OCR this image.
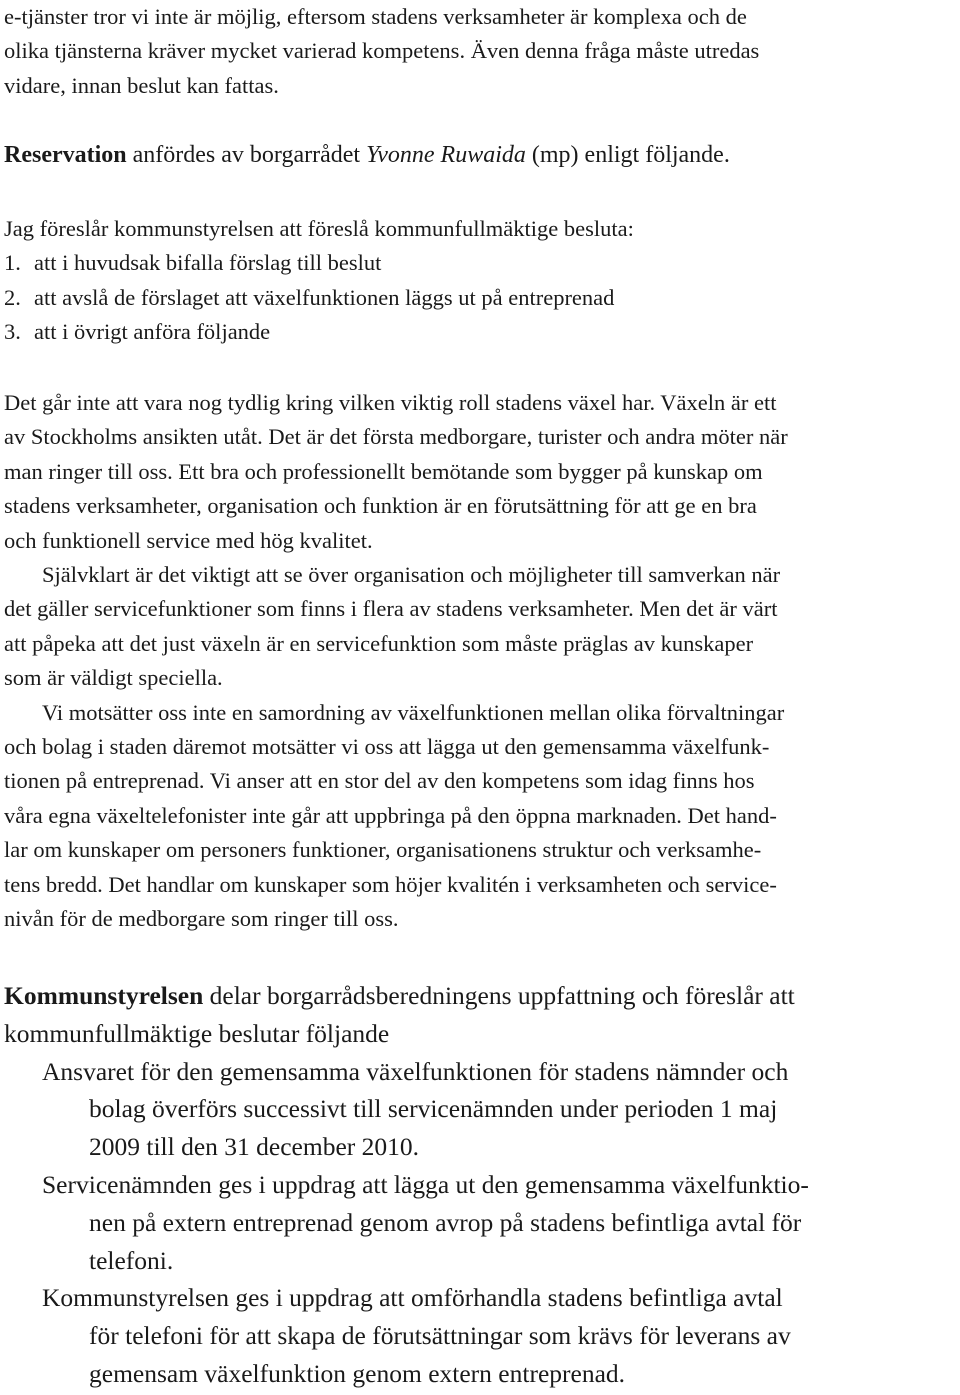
e-tjänster tror vi inte är möjlig, eftersom stadens verksamheter är komplexa och de

olika tjänsterna kräver mycket varierad kompetens. Även denna fråga måste utredas

vidare, innan beslut kan fattas.

Reservation anfördes av borgarrådet Yvonne Ruwaida (mp) enligt följande.

Jag föreslår kommunstyrelsen att föreslå kommunfullmäktige besluta:

1. att i huvudsak bifalla förslag till beslut
2. att avslå de förslaget att växelfunktionen läggs ut på entreprenad
3. att i övrigt anföra följande

Det går inte att vara nog tydlig kring vilken viktig roll stadens växel har. Växeln är ett

av Stockholms ansikten utåt. Det är det första medborgare, turister och andra möter när

man ringer till oss. Ett bra och professionellt bemötande som bygger på kunskap om

stadens verksamheter, organisation och funktion är en förutsättning för att ge en bra

och funktionell service med hög kvalitet.

Självklart är det viktigt att se över organisation och möjligheter till samverkan när

det gäller servicefunktioner som finns i flera av stadens verksamheter. Men det är värt

att påpeka att det just växeln är en servicefunktion som måste präglas av kunskaper

som är väldigt speciella.

Vi motsätter oss inte en samordning av växelfunktionen mellan olika förvaltningar

och bolag i staden däremot motsätter vi oss att lägga ut den gemensamma växelfunk-

tionen på entreprenad. Vi anser att en stor del av den kompetens som idag finns hos

våra egna växeltelefonister inte går att uppbringa på den öppna marknaden. Det hand-

lar om kunskaper om personers funktioner, organisationens struktur och verksamhe-

tens bredd. Det handlar om kunskaper som höjer kvalitén i verksamheten och service-

nivån för de medborgare som ringer till oss.

Kommunstyrelsen delar borgarrådsberedningens uppfattning och föreslår att

kommunfullmäktige beslutar följande

Ansvaret för den gemensamma växelfunktionen för stadens nämnder och

bolag överförs successivt till servicenämnden under perioden 1 maj

2009 till den 31 december 2010.

Servicenämnden ges i uppdrag att lägga ut den gemensamma växelfunktio-

nen på extern entreprenad genom avrop på stadens befintliga avtal för

telefoni.

Kommunstyrelsen ges i uppdrag att omförhandla stadens befintliga avtal

för telefoni för att skapa de förutsättningar som krävs för leverans av

gemensam växelfunktion genom extern entreprenad.
